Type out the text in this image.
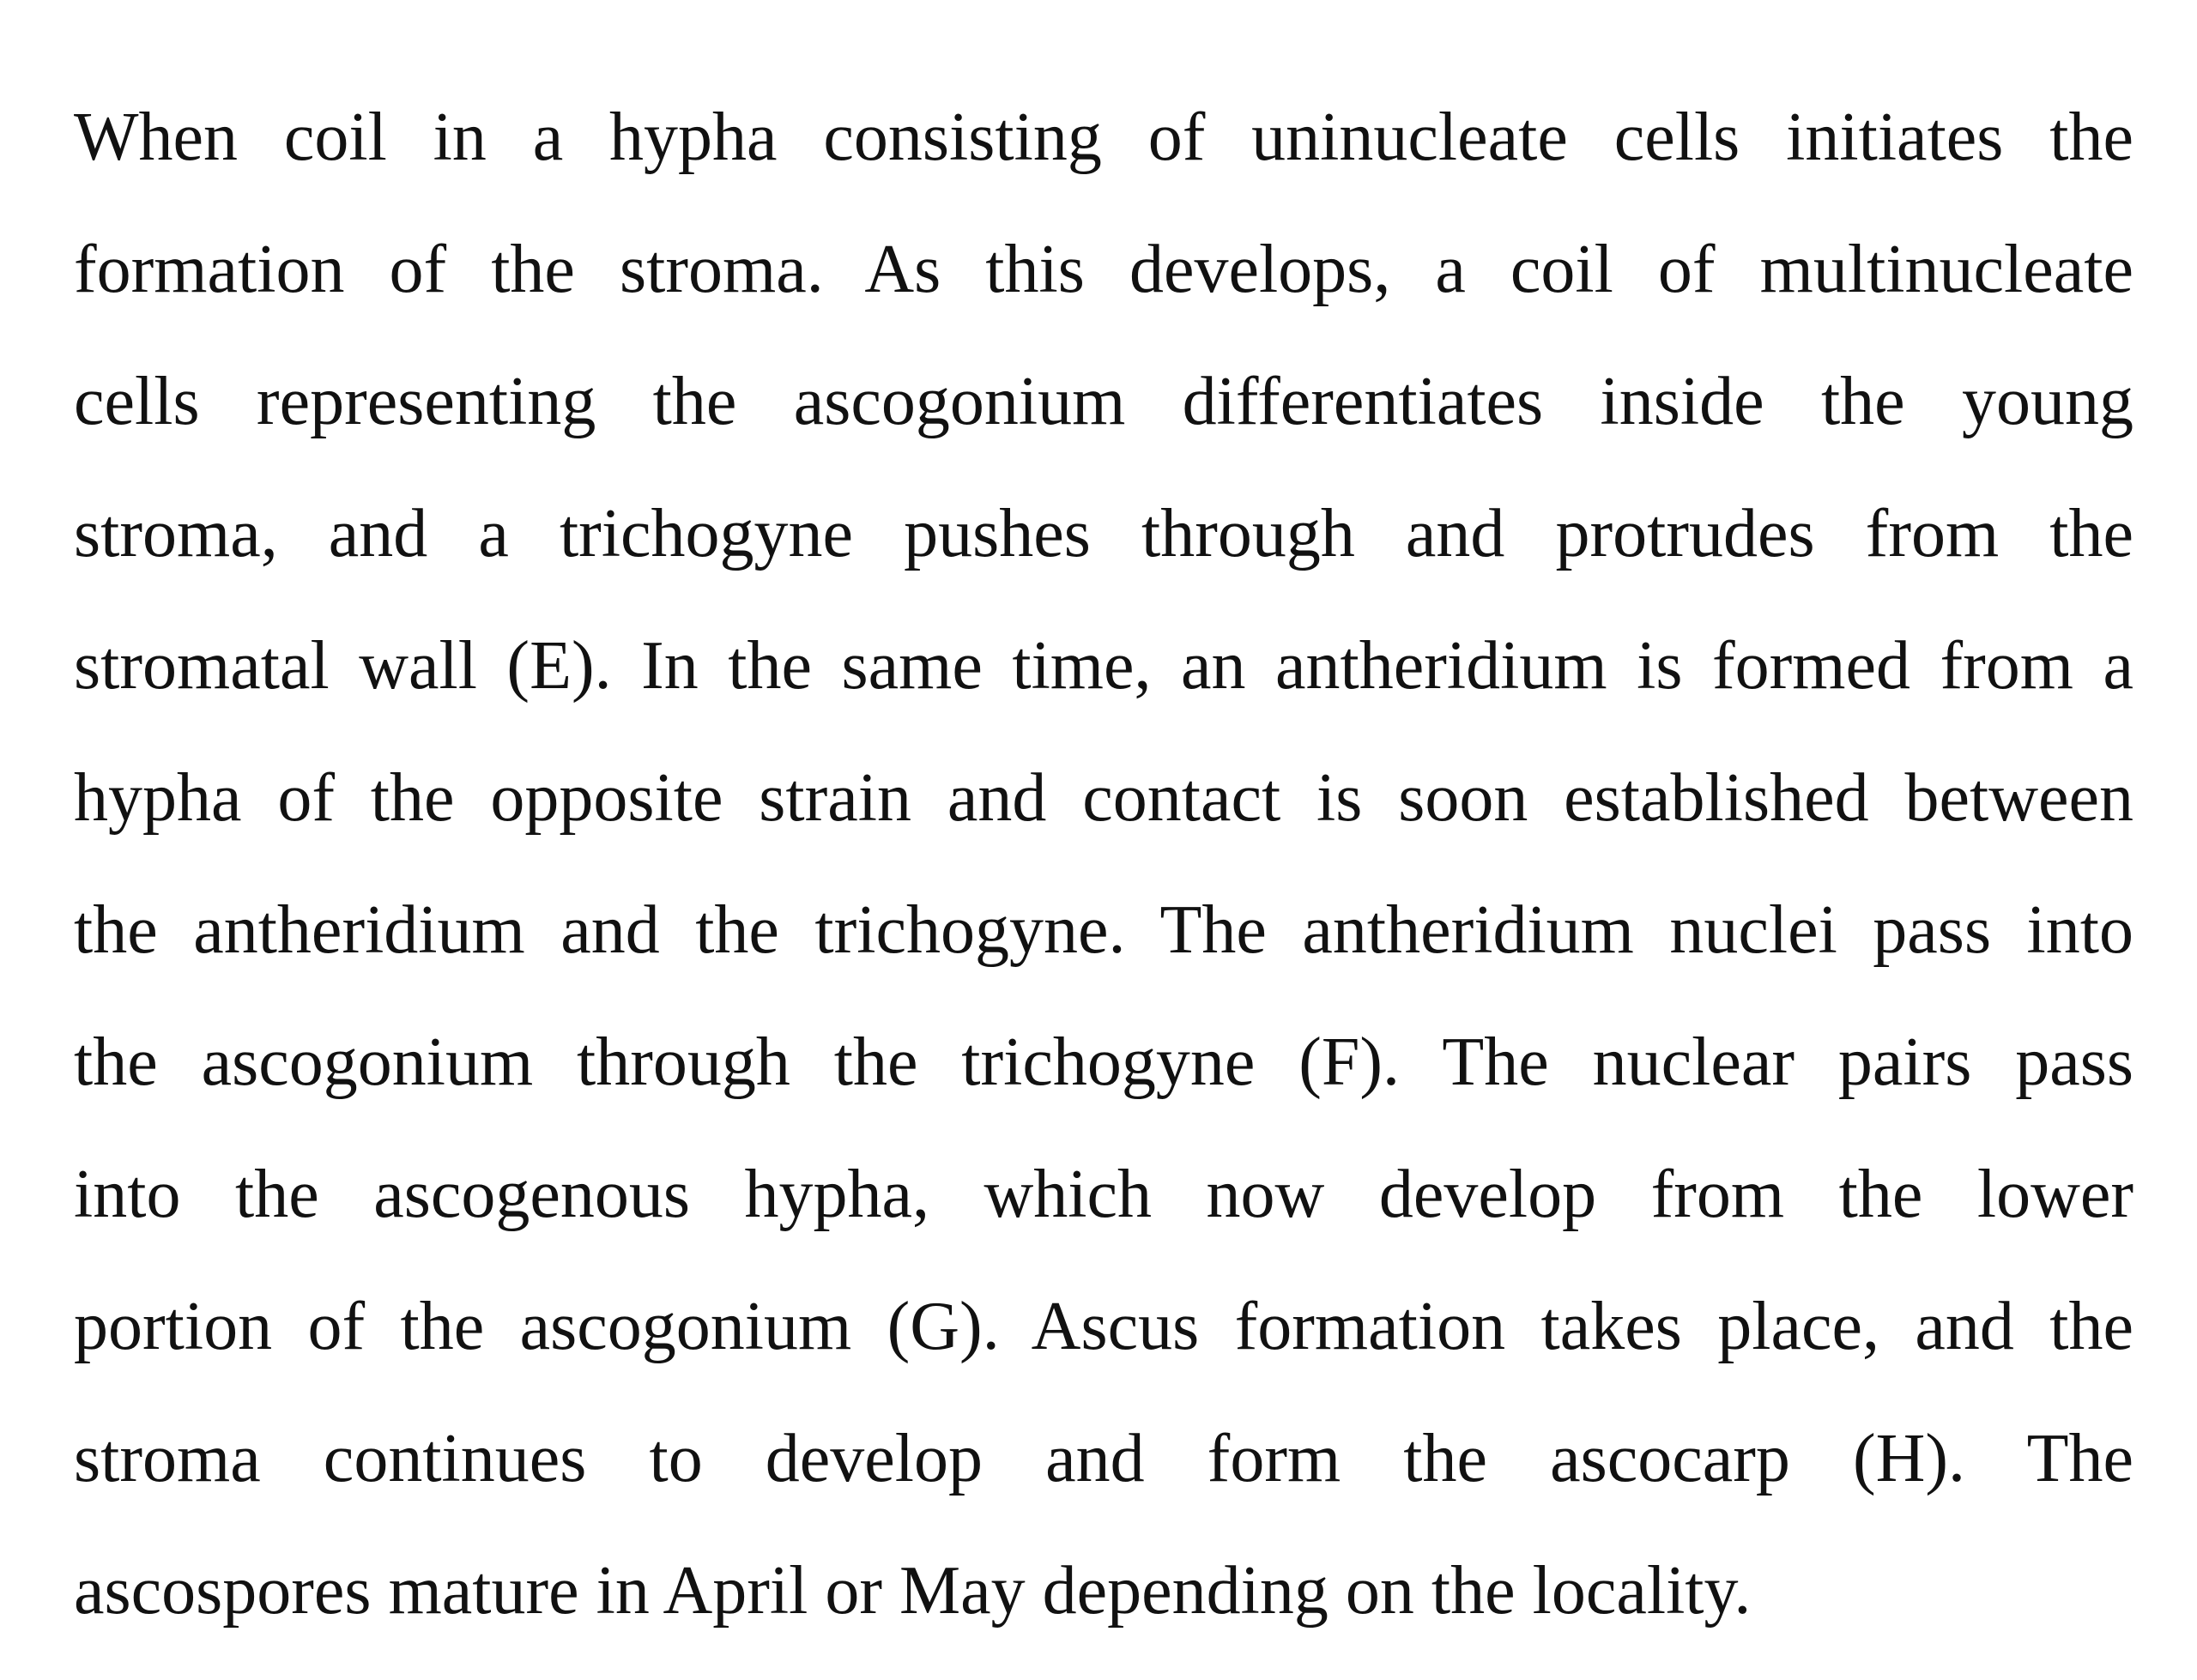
When coil in a hypha consisting of uninucleate cells initiates the
formation of the stroma. As this develops, a coil of multinucleate
cells representing the ascogonium differentiates inside the young
stroma, and a trichogyne pushes through and protrudes from the
stromatal wall (E). In the same time, an antheridium is formed from a
hypha of the opposite strain and contact is soon established between
the antheridium and the trichogyne. The antheridium nuclei pass into
the ascogonium through the trichogyne (F). The nuclear pairs pass
into the ascogenous hypha, which now develop from the lower
portion of the ascogonium (G). Ascus formation takes place, and the
stroma continues to develop and form the ascocarp (H). The
ascospores mature in April or May depending on the locality.
